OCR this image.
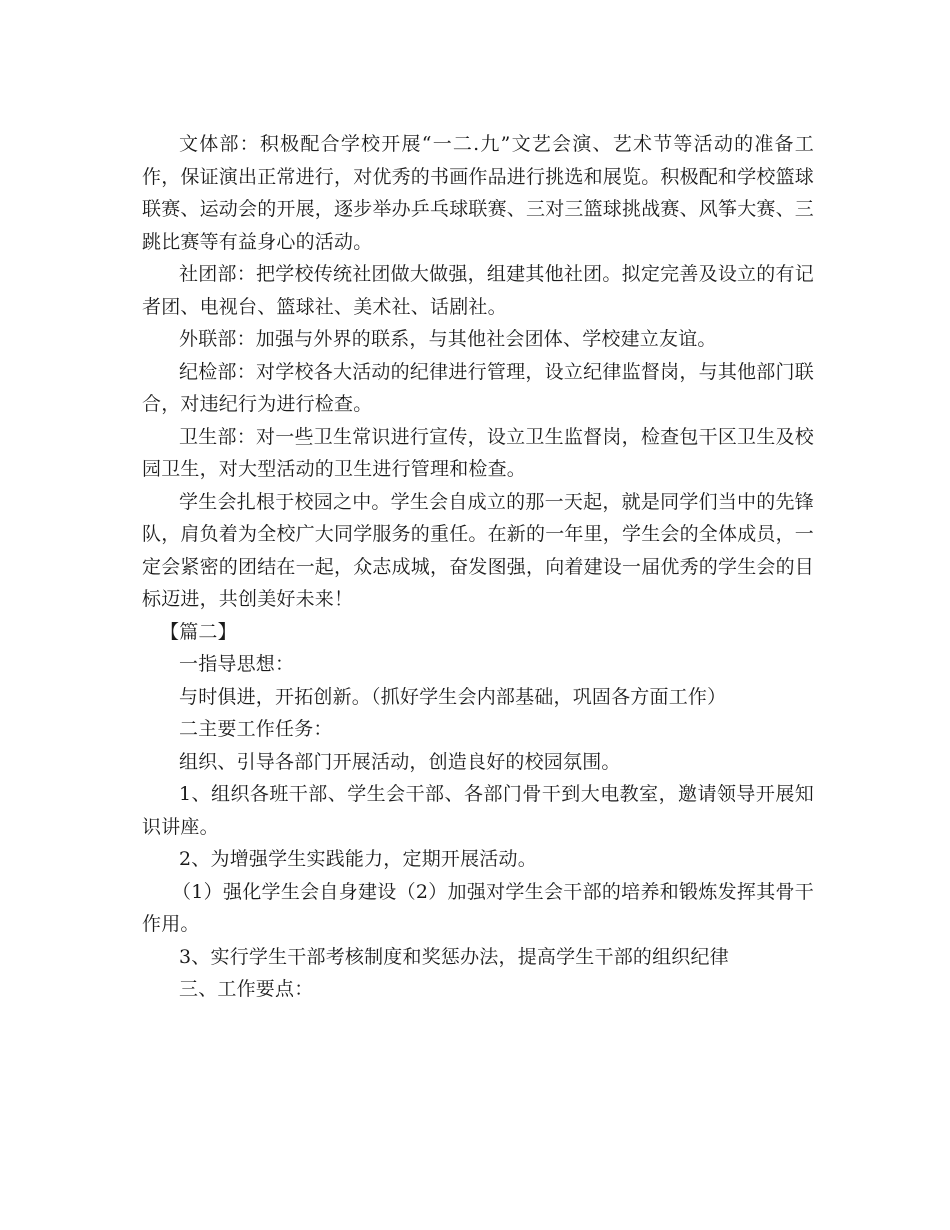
文体部：积极配合学校开展“一二.九”文艺会演、艺术节等活动的准备工作，保证演出正常进行，对优秀的书画作品进行挑选和展览。积极配和学校篮球联赛、运动会的开展，逐步举办乒乓球联赛、三对三篮球挑战赛、风筝大赛、三跳比赛等有益身心的活动。

社团部：把学校传统社团做大做强，组建其他社团。拟定完善及设立的有记者团、电视台、篮球社、美术社、话剧社。

外联部：加强与外界的联系，与其他社会团体、学校建立友谊。

纪检部：对学校各大活动的纪律进行管理，设立纪律监督岗，与其他部门联合，对违纪行为进行检查。

卫生部：对一些卫生常识进行宣传，设立卫生监督岗，检查包干区卫生及校园卫生，对大型活动的卫生进行管理和检查。

学生会扎根于校园之中。学生会自成立的那一天起，就是同学们当中的先锋队，肩负着为全校广大同学服务的重任。在新的一年里，学生会的全体成员，一定会紧密的团结在一起，众志成城，奋发图强，向着建设一届优秀的学生会的目标迈进，共创美好未来！

【篇二】

一指导思想：

与时俱进，开拓创新。（抓好学生会内部基础，巩固各方面工作）

二主要工作任务：

组织、引导各部门开展活动，创造良好的校园氛围。

1、组织各班干部、学生会干部、各部门骨干到大电教室，邀请领导开展知识讲座。

2、为增强学生实践能力，定期开展活动。

（1）强化学生会自身建设（2）加强对学生会干部的培养和锻炼发挥其骨干作用。

3、实行学生干部考核制度和奖惩办法，提高学生干部的组织纪律

三、工作要点：
